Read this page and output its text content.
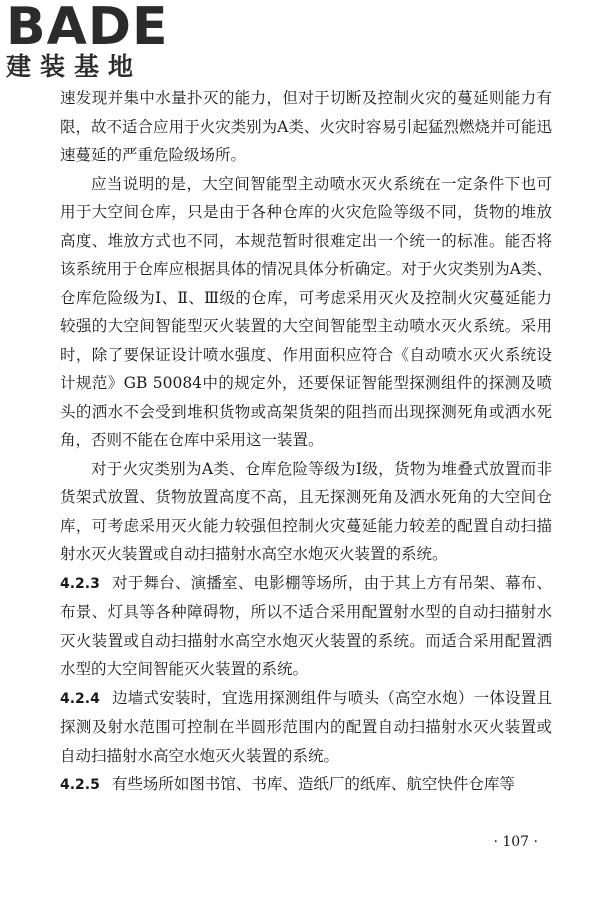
BADE
建装基地

速发现并集中水量扑灭的能力，但对于切断及控制火灾的蔓延则能力有限，故不适合应用于火灾类别为A类、火灾时容易引起猛烈燃烧并可能迅速蔓延的严重危险级场所。

应当说明的是，大空间智能型主动喷水灭火系统在一定条件下也可用于大空间仓库，只是由于各种仓库的火灾危险等级不同，货物的堆放高度、堆放方式也不同，本规范暂时很难定出一个统一的标准。能否将该系统用于仓库应根据具体的情况具体分析确定。对于火灾类别为A类、仓库危险级为Ⅰ、Ⅱ、Ⅲ级的仓库，可考虑采用灭火及控制火灾蔓延能力较强的大空间智能型灭火装置的大空间智能型主动喷水灭火系统。采用时，除了要保证设计喷水强度、作用面积应符合《自动喷水灭火系统设计规范》GB 50084中的规定外，还要保证智能型探测组件的探测及喷头的洒水不会受到堆积货物或高架货架的阻挡而出现探测死角或洒水死角，否则不能在仓库中采用这一装置。

对于火灾类别为A类、仓库危险等级为Ⅰ级，货物为堆叠式放置而非货架式放置、货物放置高度不高，且无探测死角及洒水死角的大空间仓库，可考虑采用灭火能力较强但控制火灾蔓延能力较差的配置自动扫描射水灭火装置或自动扫描射水高空水炮灭火装置的系统。

4.2.3 对于舞台、演播室、电影棚等场所，由于其上方有吊架、幕布、布景、灯具等各种障碍物，所以不适合采用配置射水型的自动扫描射水灭火装置或自动扫描射水高空水炮灭火装置的系统。而适合采用配置洒水型的大空间智能灭火装置的系统。

4.2.4 边墙式安装时，宜选用探测组件与喷头（高空水炮）一体设置且探测及射水范围可控制在半圆形范围内的配置自动扫描射水灭火装置或自动扫描射水高空水炮灭火装置的系统。

4.2.5 有些场所如图书馆、书库、造纸厂的纸库、航空快件仓库等

· 107 ·
